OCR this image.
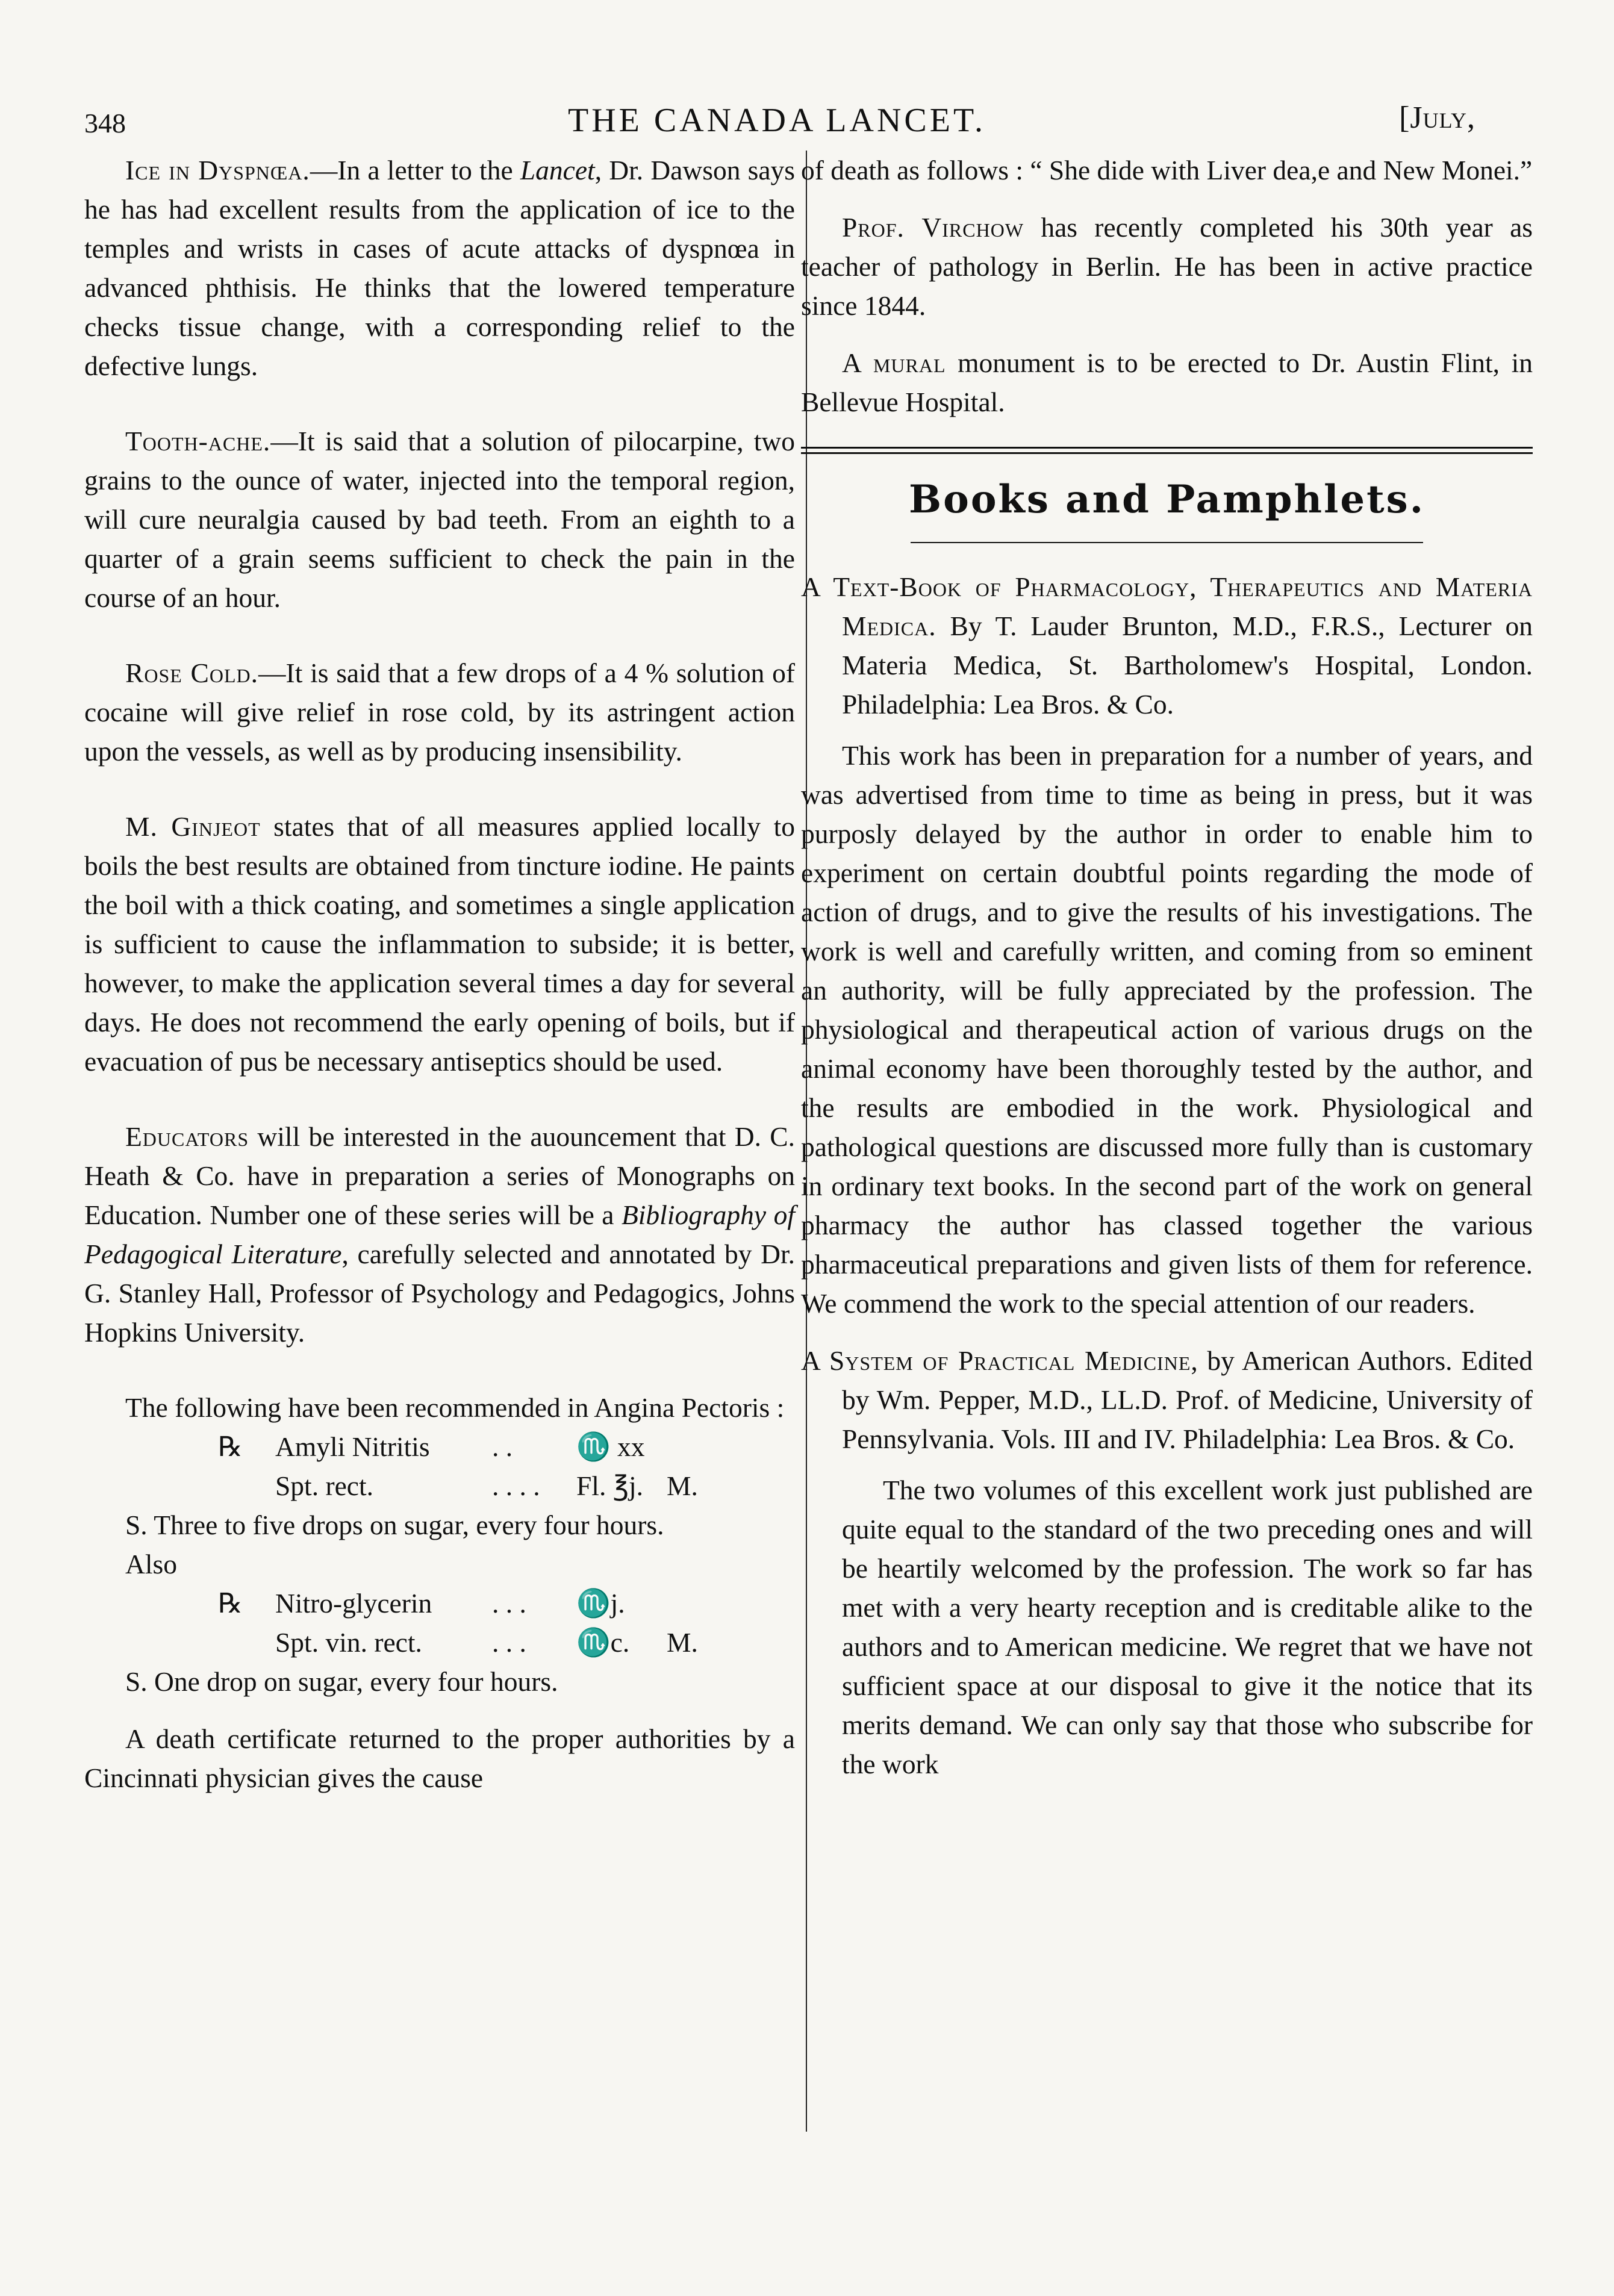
348	THE CANADA LANCET.	[July,

Ice in Dyspnœa.—In a letter to the Lancet, Dr. Dawson says he has had excellent results from the application of ice to the temples and wrists in cases of acute attacks of dyspnœa in advanced phthisis. He thinks that the lowered temperature checks tissue change, with a corresponding relief to the defective lungs.

Tooth-ache.—It is said that a solution of pilocarpine, two grains to the ounce of water, injected into the temporal region, will cure neuralgia caused by bad teeth. From an eighth to a quarter of a grain seems sufficient to check the pain in the course of an hour.

Rose Cold.—It is said that a few drops of a 4 % solution of cocaine will give relief in rose cold, by its astringent action upon the vessels, as well as by producing insensibility.

M. Ginjeot states that of all measures applied locally to boils the best results are obtained from tincture iodine. He paints the boil with a thick coating, and sometimes a single application is sufficient to cause the inflammation to subside; it is better, however, to make the application several times a day for several days. He does not recommend the early opening of boils, but if evacuation of pus be necessary antiseptics should be used.

Educators will be interested in the auouncement that D. C. Heath & Co. have in preparation a series of Monographs on Education. Number one of these series will be a Bibliography of Pedagogical Literature, carefully selected and annotated by Dr. G. Stanley Hall, Professor of Psychology and Pedagogics, Johns Hopkins University.

The following have been recommended in Angina Pectoris :

℞	Amyli Nitritis	. .	♏ xx
Spt. rect.	. . . .	Fl. ℥j. M.

S. Three to five drops on sugar, every four hours.

Also

℞	Nitro-glycerin	. . .	♏j.
Spt. vin. rect.	. . .	♏c.	M.

S. One drop on sugar, every four hours.

A death certificate returned to the proper authorities by a Cincinnati physician gives the cause

of death as follows : “ She dide with Liver dea,e and New Monei.”

Prof. Virchow has recently completed his 30th year as teacher of pathology in Berlin. He has been in active practice since 1844.

A mural monument is to be erected to Dr. Austin Flint, in Bellevue Hospital.

Books and Pamphlets.

A Text-Book of Pharmacology, Therapeutics and Materia Medica. By T. Lauder Brunton, M.D., F.R.S., Lecturer on Materia Medica, St. Bartholomew's Hospital, London. Philadelphia: Lea Bros. & Co.

This work has been in preparation for a number of years, and was advertised from time to time as being in press, but it was purposly delayed by the author in order to enable him to experiment on certain doubtful points regarding the mode of action of drugs, and to give the results of his investigations. The work is well and carefully written, and coming from so eminent an authority, will be fully appreciated by the profession. The physiological and therapeutical action of various drugs on the animal economy have been thoroughly tested by the author, and the results are embodied in the work. Physiological and pathological questions are discussed more fully than is customary in ordinary text books. In the second part of the work on general pharmacy the author has classed together the various pharmaceutical preparations and given lists of them for reference. We commend the work to the special attention of our readers.

A System of Practical Medicine, by American Authors. Edited by Wm. Pepper, M.D., LL.D. Prof. of Medicine, University of Pennsylvania. Vols. III and IV. Philadelphia: Lea Bros. & Co.

The two volumes of this excellent work just published are quite equal to the standard of the two preceding ones and will be heartily welcomed by the profession. The work so far has met with a very hearty reception and is creditable alike to the authors and to American medicine. We regret that we have not sufficient space at our disposal to give it the notice that its merits demand. We can only say that those who subscribe for the work
